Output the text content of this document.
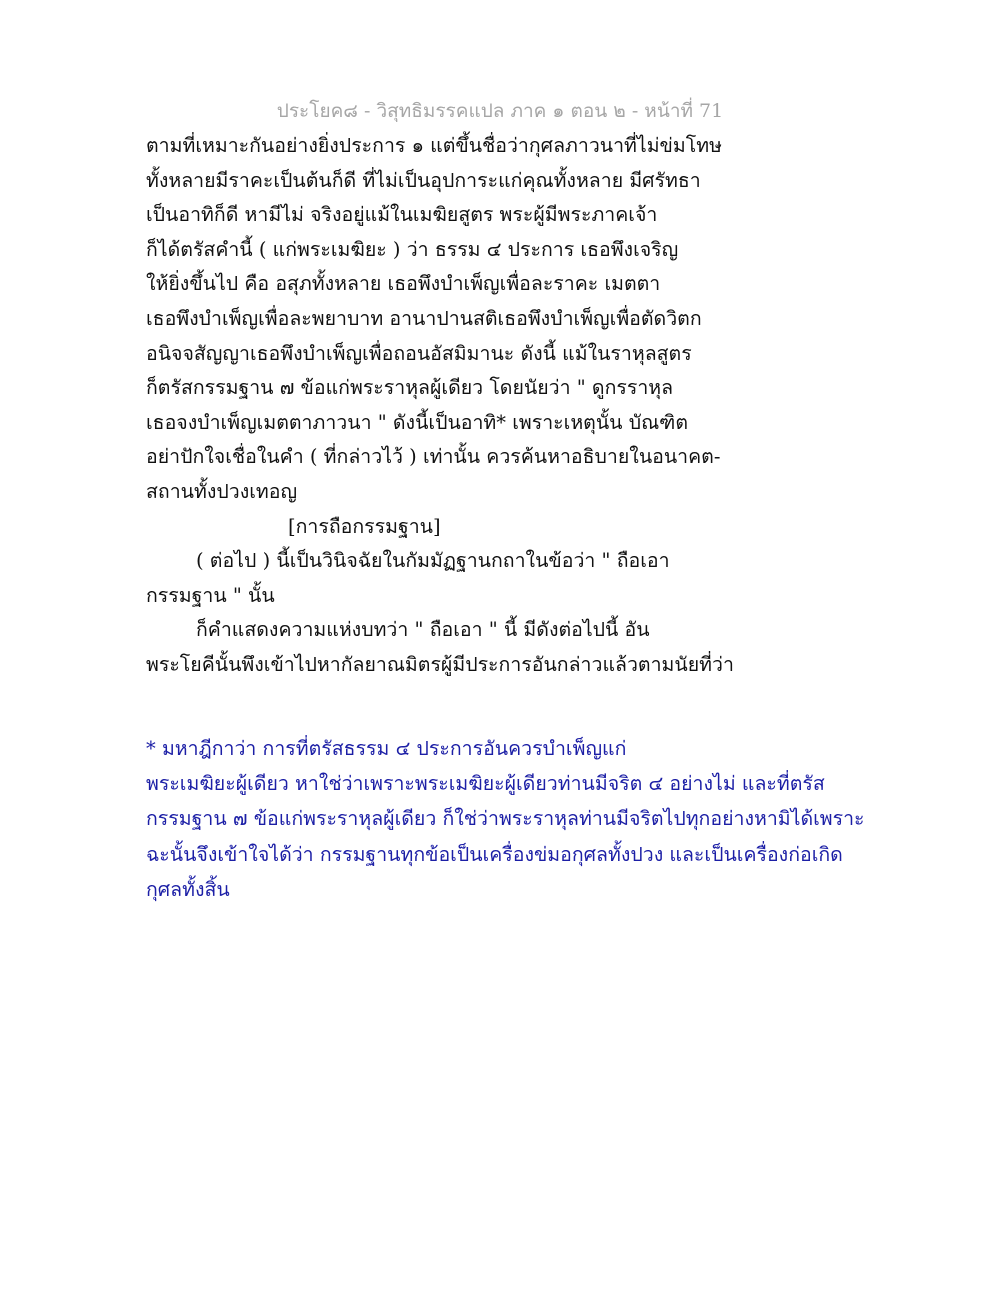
ประโยค๘ - วิสุทธิมรรคแปล ภาค ๑ ตอน ๒ - หน้าที่ 71
ตามที่เหมาะกันอย่างยิ่งประการ ๑ แต่ขึ้นชื่อว่ากุศลภาวนาที่ไม่ข่มโทษ
ทั้งหลายมีราคะเป็นต้นก็ดี ที่ไม่เป็นอุปการะแก่คุณทั้งหลาย มีศรัทธา
เป็นอาทิก็ดี หามีไม่ จริงอยู่แม้ในเมฆิยสูตร พระผู้มีพระภาคเจ้า
ก็ได้ตรัสคำนี้ ( แก่พระเมฆิยะ ) ว่า ธรรม ๔ ประการ เธอพึงเจริญ
ให้ยิ่งขึ้นไป คือ อสุภทั้งหลาย เธอพึงบำเพ็ญเพื่อละราคะ เมตตา
เธอพึงบำเพ็ญเพื่อละพยาบาท อานาปานสติเธอพึงบำเพ็ญเพื่อตัดวิตก
อนิจจสัญญาเธอพึงบำเพ็ญเพื่อถอนอัสมิมานะ ดังนี้ แม้ในราหุลสูตร
ก็ตรัสกรรมฐาน ๗ ข้อแก่พระราหุลผู้เดียว โดยนัยว่า " ดูกรราหุล
เธอจงบำเพ็ญเมตตาภาวนา " ดังนี้เป็นอาทิ* เพราะเหตุนั้น บัณฑิต
อย่าปักใจเชื่อในคำ ( ที่กล่าวไว้ ) เท่านั้น ควรค้นหาอธิบายในอนาคต-
สถานทั้งปวงเทอญ
[การถือกรรมฐาน]
( ต่อไป ) นี้เป็นวินิจฉัยในกัมมัฏฐานกถาในข้อว่า " ถือเอา
กรรมฐาน " นั้น
ก็คำแสดงความแห่งบทว่า " ถือเอา " นี้ มีดังต่อไปนี้ อัน
พระโยคีนั้นพึงเข้าไปหากัลยาณมิตรผู้มีประการอันกล่าวแล้วตามนัยที่ว่า
* มหาฎีกาว่า การที่ตรัสธรรม ๔ ประการอันควรบำเพ็ญแก่
พระเมฆิยะผู้เดียว หาใช่ว่าเพราะพระเมฆิยะผู้เดียวท่านมีจริต ๔ อย่างไม่ และที่ตรัส
กรรมฐาน ๗ ข้อแก่พระราหุลผู้เดียว ก็ใช่ว่าพระราหุลท่านมีจริตไปทุกอย่างหามิได้เพราะ
ฉะนั้นจึงเข้าใจได้ว่า กรรมฐานทุกข้อเป็นเครื่องข่มอกุศลทั้งปวง และเป็นเครื่องก่อเกิด
กุศลทั้งสิ้น
